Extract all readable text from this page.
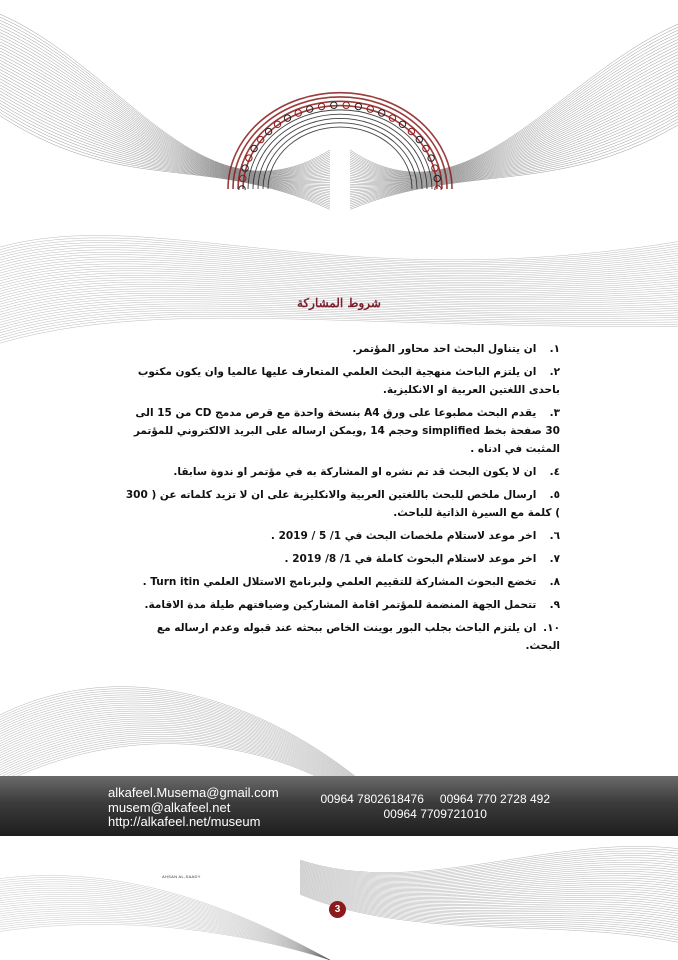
شروط المشاركة
١. ان يتناول البحث احد محاور المؤتمر.
٢. ان يلتزم الباحث منهجية البحث العلمي المتعارف عليها عالميا وان يكون مكتوب باحدى اللغتين العربية او الانكليزية.
٣. يقدم البحث مطبوعا على ورق A4 بنسخة واحدة مع قرص مدمج CD من 15 الى 30 صفحة بخط simplified وحجم 14 ,ويمكن ارساله على البريد الالكتروني للمؤتمر المثبت في ادناه .
٤. ان لا يكون البحث قد تم نشره او المشاركة به في مؤتمر او ندوة سابقا.
٥. ارسال ملخص للبحث باللغتين العربية والانكليزية على ان لا تزيد كلماته عن ( 300 ) كلمة مع السيرة الذاتية للباحث.
٦. اخر موعد لاستلام ملخصات البحث في 1/ 5 / 2019 .
٧. اخر موعد لاستلام البحوث كاملة في 1/ 8/ 2019 .
٨. تخضع البحوث المشاركة للتقييم العلمي ولبرنامج الاستلال العلمي Turn itin .
٩. تتحمل الجهة المنضمة للمؤتمر اقامة المشاركين وضيافتهم طيلة مدة الاقامة.
١٠. ان يلتزم الباحث بجلب البور بوينت الخاص ببحثه عند قبوله وعدم ارساله مع البحث.
alkafeel.Musema@gmail.com
musem@alkafeel.net
http://alkafeel.net/museum
00964 7802618476 00964 770 2728 492
00964 7709721010
AHSAN AL-SAADY
3
